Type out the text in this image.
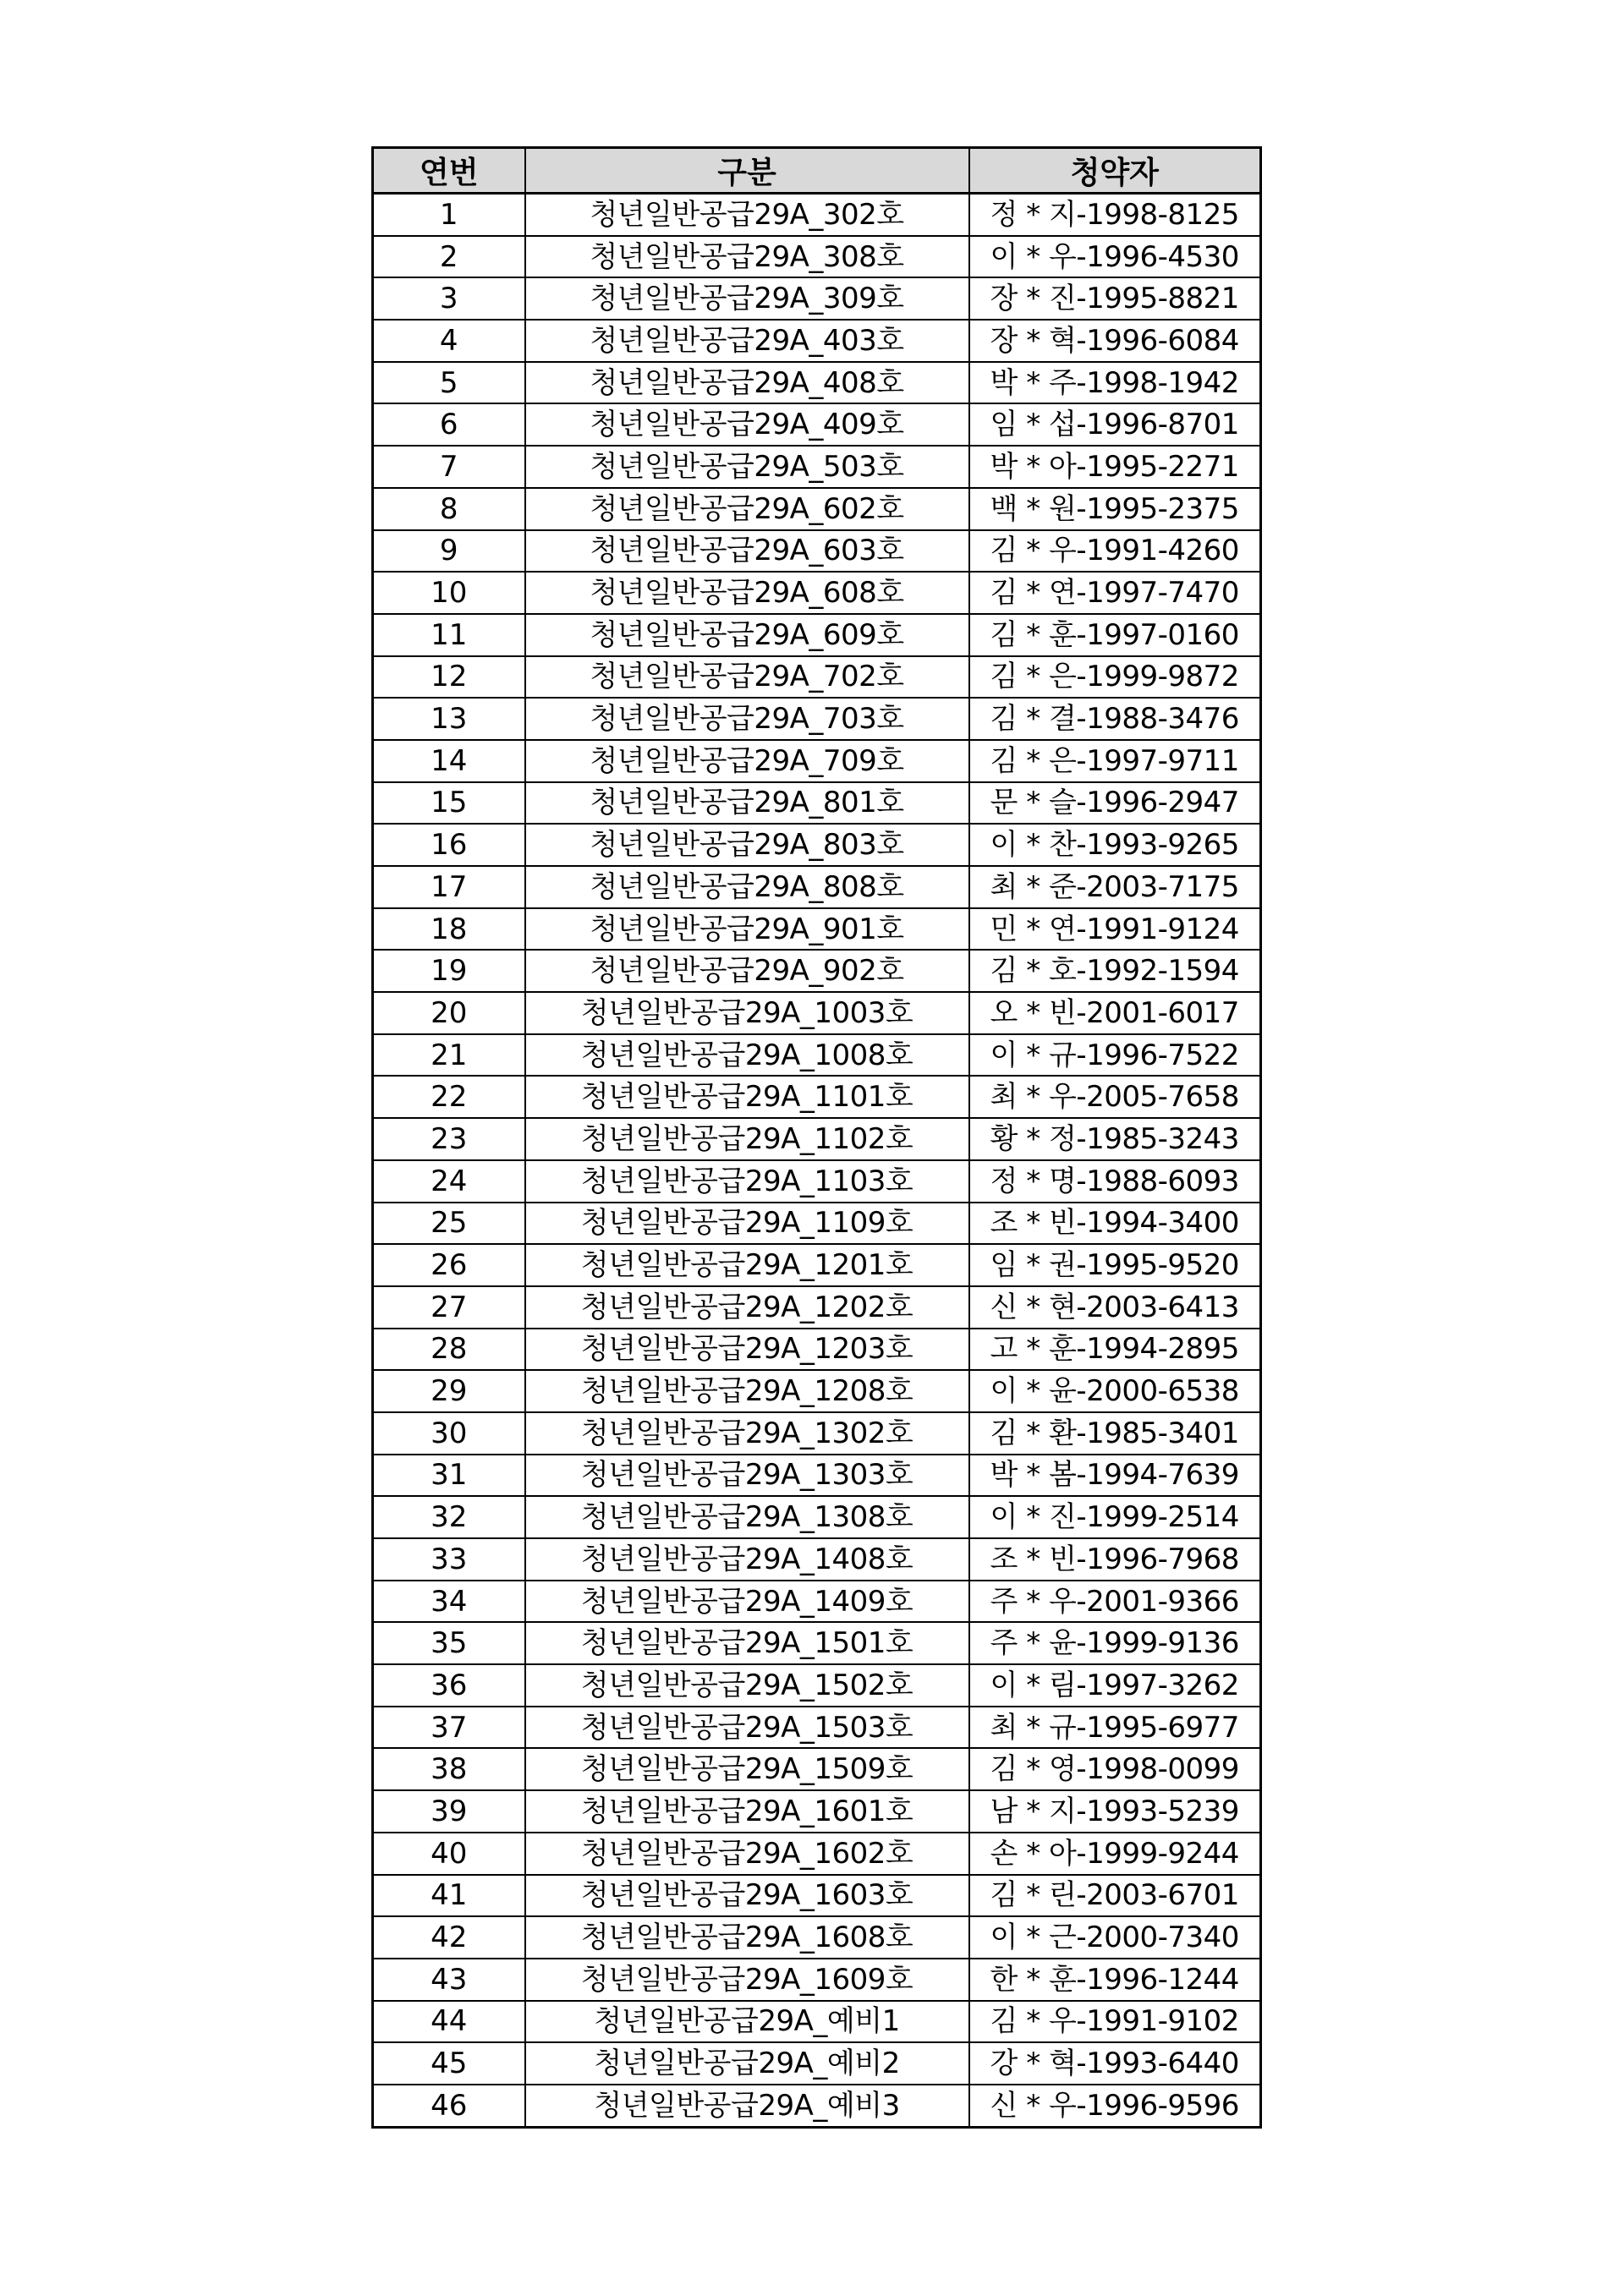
연번	구분	청약자
1	청년일반공급29A_302호	정 * 지-1998-8125
2	청년일반공급29A_308호	이 * 우-1996-4530
3	청년일반공급29A_309호	장 * 진-1995-8821
4	청년일반공급29A_403호	장 * 혁-1996-6084
5	청년일반공급29A_408호	박 * 주-1998-1942
6	청년일반공급29A_409호	임 * 섭-1996-8701
7	청년일반공급29A_503호	박 * 아-1995-2271
8	청년일반공급29A_602호	백 * 원-1995-2375
9	청년일반공급29A_603호	김 * 우-1991-4260
10	청년일반공급29A_608호	김 * 연-1997-7470
11	청년일반공급29A_609호	김 * 훈-1997-0160
12	청년일반공급29A_702호	김 * 은-1999-9872
13	청년일반공급29A_703호	김 * 결-1988-3476
14	청년일반공급29A_709호	김 * 은-1997-9711
15	청년일반공급29A_801호	문 * 슬-1996-2947
16	청년일반공급29A_803호	이 * 찬-1993-9265
17	청년일반공급29A_808호	최 * 준-2003-7175
18	청년일반공급29A_901호	민 * 연-1991-9124
19	청년일반공급29A_902호	김 * 호-1992-1594
20	청년일반공급29A_1003호	오 * 빈-2001-6017
21	청년일반공급29A_1008호	이 * 규-1996-7522
22	청년일반공급29A_1101호	최 * 우-2005-7658
23	청년일반공급29A_1102호	황 * 정-1985-3243
24	청년일반공급29A_1103호	정 * 명-1988-6093
25	청년일반공급29A_1109호	조 * 빈-1994-3400
26	청년일반공급29A_1201호	임 * 권-1995-9520
27	청년일반공급29A_1202호	신 * 현-2003-6413
28	청년일반공급29A_1203호	고 * 훈-1994-2895
29	청년일반공급29A_1208호	이 * 윤-2000-6538
30	청년일반공급29A_1302호	김 * 환-1985-3401
31	청년일반공급29A_1303호	박 * 봄-1994-7639
32	청년일반공급29A_1308호	이 * 진-1999-2514
33	청년일반공급29A_1408호	조 * 빈-1996-7968
34	청년일반공급29A_1409호	주 * 우-2001-9366
35	청년일반공급29A_1501호	주 * 윤-1999-9136
36	청년일반공급29A_1502호	이 * 림-1997-3262
37	청년일반공급29A_1503호	최 * 규-1995-6977
38	청년일반공급29A_1509호	김 * 영-1998-0099
39	청년일반공급29A_1601호	남 * 지-1993-5239
40	청년일반공급29A_1602호	손 * 아-1999-9244
41	청년일반공급29A_1603호	김 * 린-2003-6701
42	청년일반공급29A_1608호	이 * 근-2000-7340
43	청년일반공급29A_1609호	한 * 훈-1996-1244
44	청년일반공급29A_예비1	김 * 우-1991-9102
45	청년일반공급29A_예비2	강 * 혁-1993-6440
46	청년일반공급29A_예비3	신 * 우-1996-9596
